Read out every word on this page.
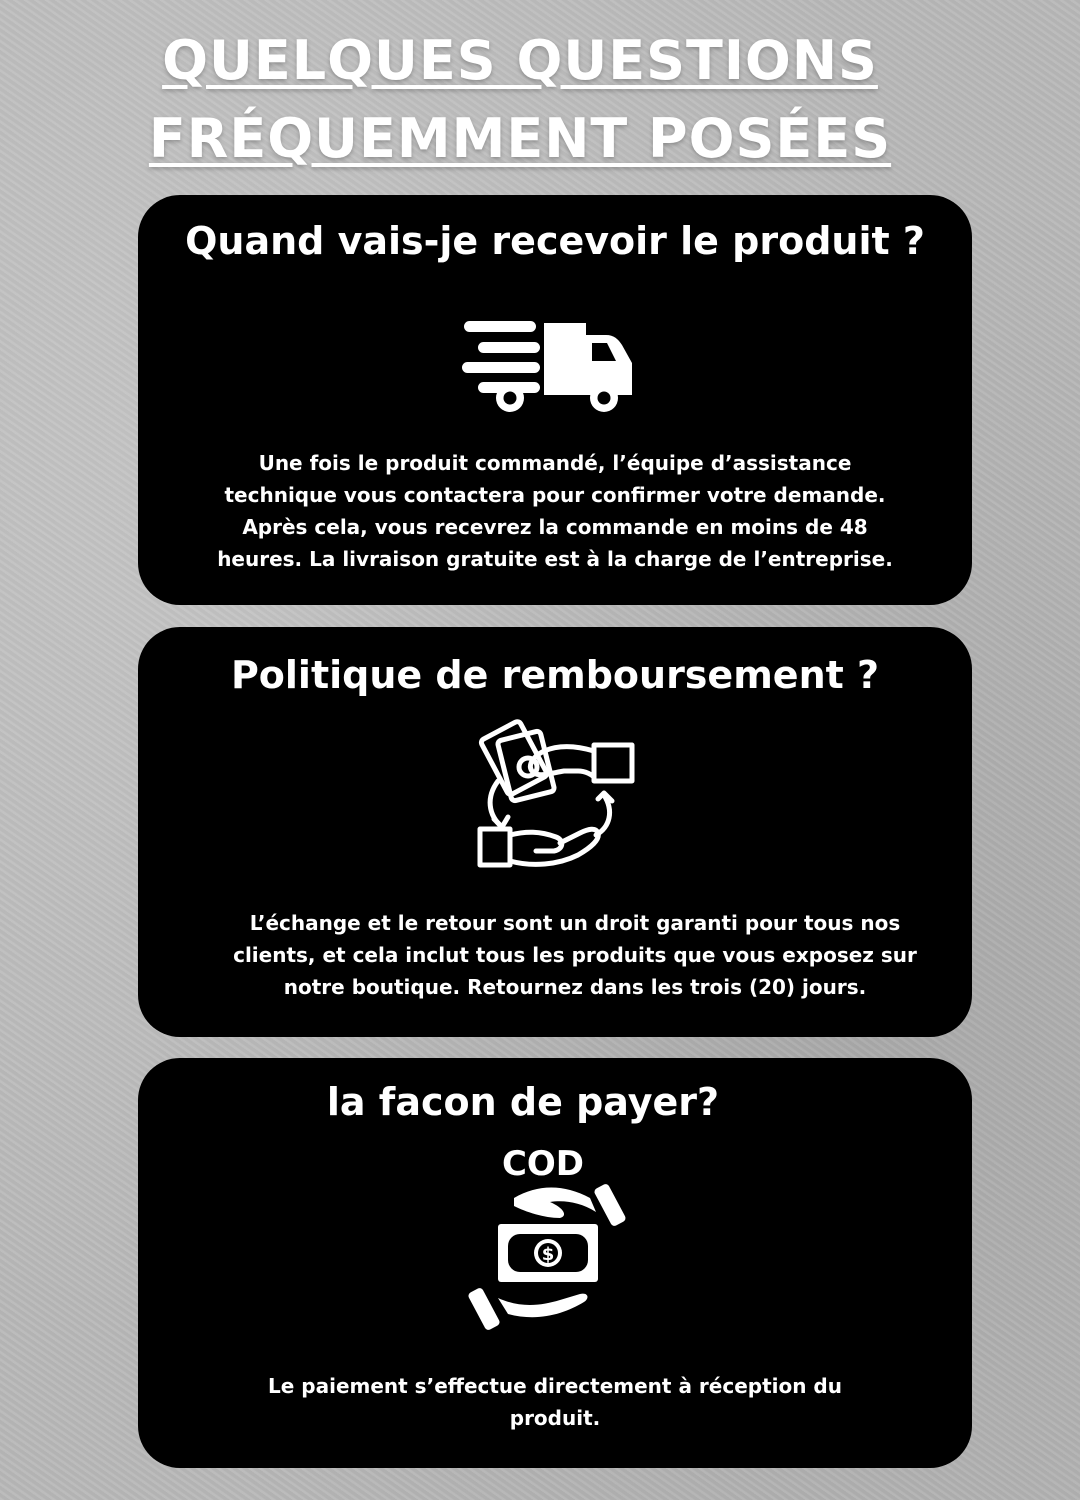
QUELQUES QUESTIONS
FRÉQUEMMENT POSÉES
Quand vais-je recevoir le produit ?
Une fois le produit commandé, l’équipe d’assistance
technique vous contactera pour confirmer votre demande.
Après cela, vous recevrez la commande en moins de 48
heures. La livraison gratuite est à la charge de l’entreprise.
Politique de remboursement ?
L’échange et le retour sont un droit garanti pour tous nos
clients, et cela inclut tous les produits que vous exposez sur
notre boutique. Retournez dans les trois (20) jours.
la facon de payer?
COD
$
Le paiement s’effectue directement à réception du
produit.
